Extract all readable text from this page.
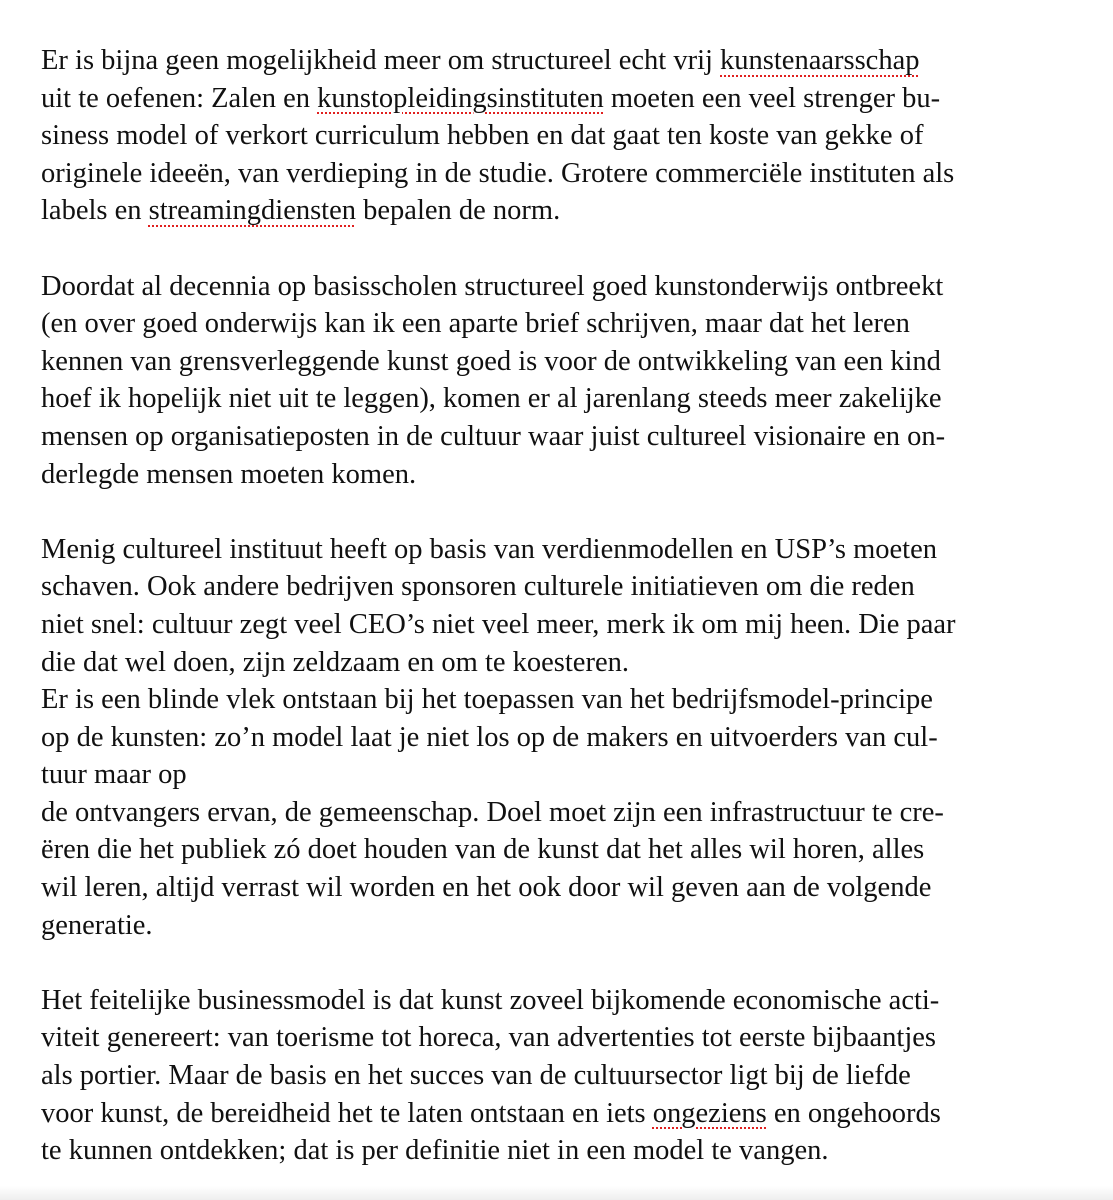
Er is bijna geen mogelijkheid meer om structureel echt vrij kunstenaarsschap
uit te oefenen: Zalen en kunstopleidingsinstituten moeten een veel strenger bu-
siness model of verkort curriculum hebben en dat gaat ten koste van gekke of
originele ideeën, van verdieping in de studie. Grotere commerciële instituten als
labels en streamingdiensten bepalen de norm.
Doordat al decennia op basisscholen structureel goed kunstonderwijs ontbreekt
(en over goed onderwijs kan ik een aparte brief schrijven, maar dat het leren
kennen van grensverleggende kunst goed is voor de ontwikkeling van een kind
hoef ik hopelijk niet uit te leggen), komen er al jarenlang steeds meer zakelijke
mensen op organisatieposten in de cultuur waar juist cultureel visionaire en on-
derlegde mensen moeten komen.
Menig cultureel instituut heeft op basis van verdienmodellen en USP’s moeten
schaven. Ook andere bedrijven sponsoren culturele initiatieven om die reden
niet snel: cultuur zegt veel CEO’s niet veel meer, merk ik om mij heen. Die paar
die dat wel doen, zijn zeldzaam en om te koesteren.
Er is een blinde vlek ontstaan bij het toepassen van het bedrijfsmodel-principe
op de kunsten: zo’n model laat je niet los op de makers en uitvoerders van cul-
tuur maar op
de ontvangers ervan, de gemeenschap. Doel moet zijn een infrastructuur te cre-
ëren die het publiek zó doet houden van de kunst dat het alles wil horen, alles
wil leren, altijd verrast wil worden en het ook door wil geven aan de volgende
generatie.
Het feitelijke businessmodel is dat kunst zoveel bijkomende economische acti-
viteit genereert: van toerisme tot horeca, van advertenties tot eerste bijbaantjes
als portier. Maar de basis en het succes van de cultuursector ligt bij de liefde
voor kunst, de bereidheid het te laten ontstaan en iets ongeziens en ongehoords
te kunnen ontdekken; dat is per definitie niet in een model te vangen.
